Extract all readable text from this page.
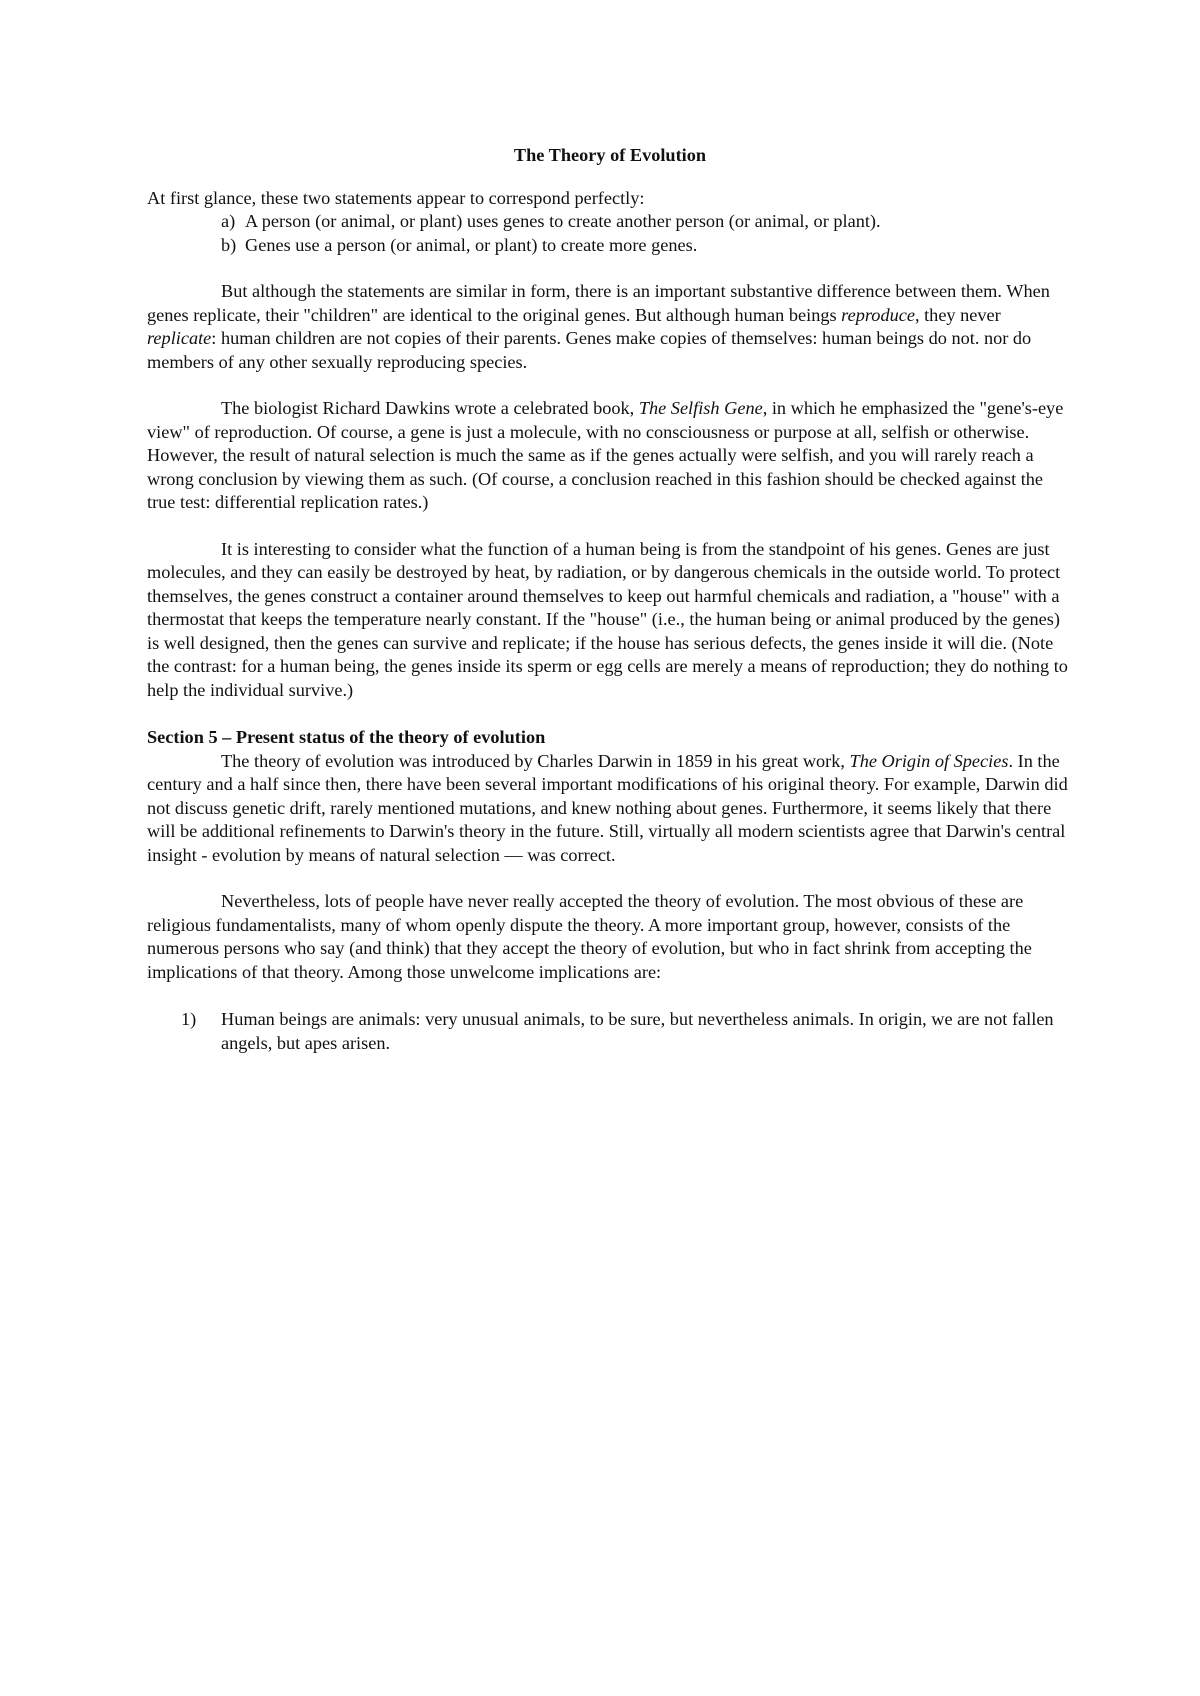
The Theory of Evolution

At first glance, these two statements appear to correspond perfectly:

a) A person (or animal, or plant) uses genes to create another person (or animal, or plant).
b) Genes use a person (or animal, or plant) to create more genes.

But although the statements are similar in form, there is an important substantive difference between them. When genes replicate, their "children" are identical to the original genes. But although human beings reproduce, they never replicate: human children are not copies of their parents. Genes make copies of themselves: human beings do not. nor do members of any other sexually reproducing species.

The biologist Richard Dawkins wrote a celebrated book, The Selfish Gene, in which he emphasized the "gene's-eye view" of reproduction. Of course, a gene is just a molecule, with no consciousness or purpose at all, selfish or otherwise. However, the result of natural selection is much the same as if the genes actually were selfish, and you will rarely reach a wrong conclusion by viewing them as such. (Of course, a conclusion reached in this fashion should be checked against the true test: differential replication rates.)

It is interesting to consider what the function of a human being is from the standpoint of his genes. Genes are just molecules, and they can easily be destroyed by heat, by radiation, or by dangerous chemicals in the outside world. To protect themselves, the genes construct a container around themselves to keep out harmful chemicals and radiation, a "house" with a thermostat that keeps the temperature nearly constant. If the "house" (i.e., the human being or animal produced by the genes) is well designed, then the genes can survive and replicate; if the house has serious defects, the genes inside it will die. (Note the contrast: for a human being, the genes inside its sperm or egg cells are merely a means of reproduction; they do nothing to help the individual survive.)

Section 5 – Present status of the theory of evolution

The theory of evolution was introduced by Charles Darwin in 1859 in his great work, The Origin of Species. In the century and a half since then, there have been several important modifications of his original theory. For example, Darwin did not discuss genetic drift, rarely mentioned mutations, and knew nothing about genes. Furthermore, it seems likely that there will be additional refinements to Darwin's theory in the future. Still, virtually all modern scientists agree that Darwin's central insight - evolution by means of natural selection — was correct.

Nevertheless, lots of people have never really accepted the theory of evolution. The most obvious of these are religious fundamentalists, many of whom openly dispute the theory. A more important group, however, consists of the numerous persons who say (and think) that they accept the theory of evolution, but who in fact shrink from accepting the implications of that theory. Among those unwelcome implications are:

1)	Human beings are animals: very unusual animals, to be sure, but nevertheless animals. In origin, we are not fallen angels, but apes arisen.
